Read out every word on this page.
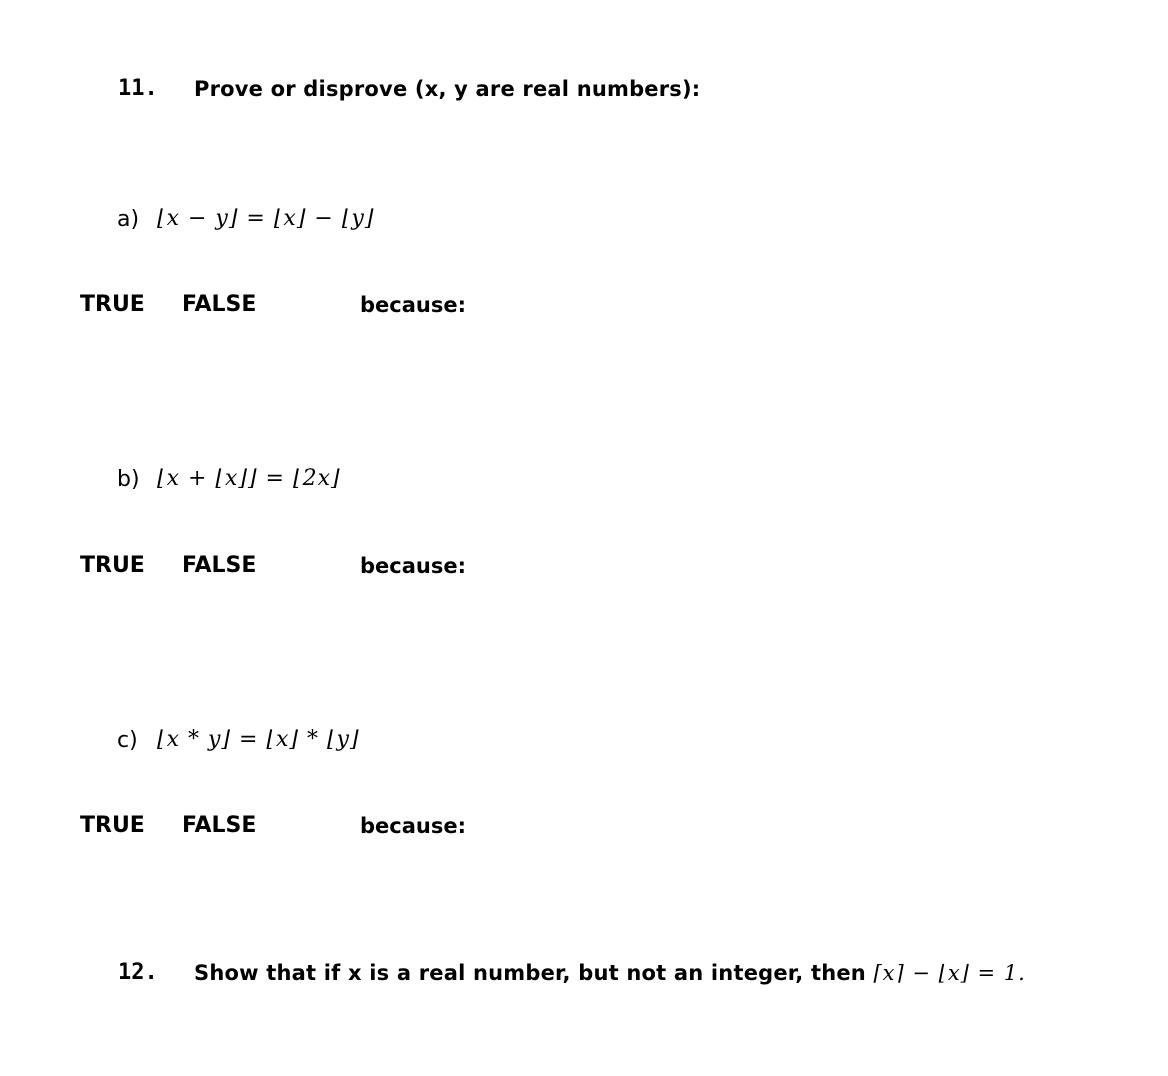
11. Prove or disprove (x, y are real numbers):
a) ⌊x − y⌋ = ⌊x⌋ − ⌊y⌋
TRUE FALSE	because:
b) ⌊x + ⌊x⌋⌋ = ⌊2x⌋
TRUE FALSE	because:
c) ⌊x * y⌋ = ⌊x⌋ * ⌊y⌋
TRUE FALSE	because:
12. Show that if x is a real number, but not an integer, then ⌈x⌉ − ⌊x⌋ = 1.
